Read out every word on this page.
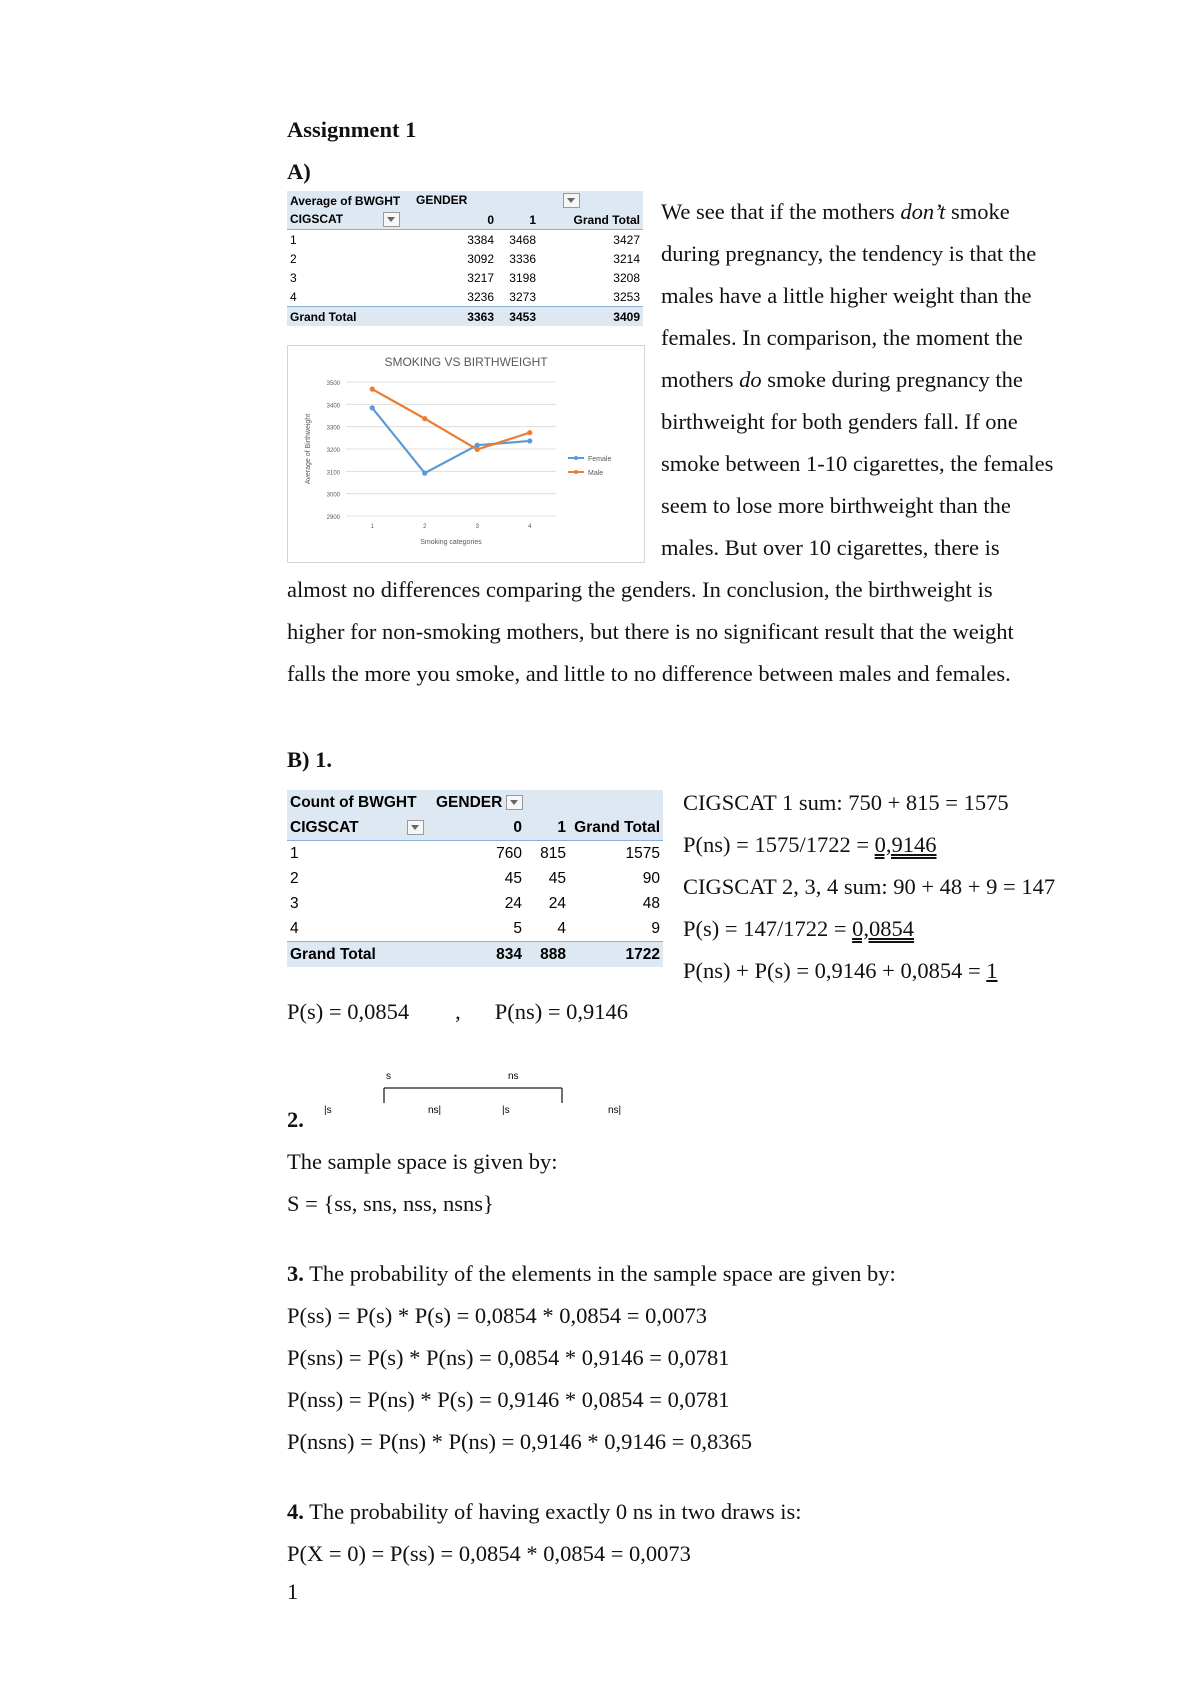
Assignment 1
A)
Average of BWGHT	GENDER		
CIGSCAT	0	1	Grand Total
1	3384	3468	3427
2	3092	3336	3214
3	3217	3198	3208
4	3236	3273	3253
Grand Total	3363	3453	3409
SMOKING VS BIRTHWEIGHT
3500
3400
3300
3200
3100
3000
2900
1	2	3	4
Smoking categories
Average of Birthweight	Female
Male
We see that if the mothers don’t smoke
during pregnancy, the tendency is that the
males have a little higher weight than the
females. In comparison, the moment the
mothers do smoke during pregnancy the
birthweight for both genders fall. If one
smoke between 1-10 cigarettes, the females
seem to lose more birthweight than the
males. But over 10 cigarettes, there is
almost no differences comparing the genders. In conclusion, the birthweight is
higher for non-smoking mothers, but there is no significant result that the weight
falls the more you smoke, and little to no difference between males and females.
B) 1.
Count of BWGHT	GENDER		
CIGSCAT	0	1	Grand Total
1	760	815	1575
2	45	45	90
3	24	24	48
4	5	4	9
Grand Total	834	888	1722
CIGSCAT 1 sum: 750 + 815 = 1575
P(ns) = 1575/1722 = 0,9146
CIGSCAT 2, 3, 4 sum: 90 + 48 + 9 = 147
P(s) = 147/1722 = 0,0854
P(ns) + P(s) = 0,9146 + 0,0854 = 1
P(s) = 0,0854 , P(ns) = 0,9146
2.
s	ns
|s	ns|	|s	ns|
The sample space is given by:
S = {ss, sns, nss, nsns}
3. The probability of the elements in the sample space are given by:
P(ss) = P(s) * P(s) = 0,0854 * 0,0854 = 0,0073
P(sns) = P(s) * P(ns) = 0,0854 * 0,9146 = 0,0781
P(nss) = P(ns) * P(s) = 0,9146 * 0,0854 = 0,0781
P(nsns) = P(ns) * P(ns) = 0,9146 * 0,9146 = 0,8365
4. The probability of having exactly 0 ns in two draws is:
P(X = 0) = P(ss) = 0,0854 * 0,0854 = 0,0073
1
